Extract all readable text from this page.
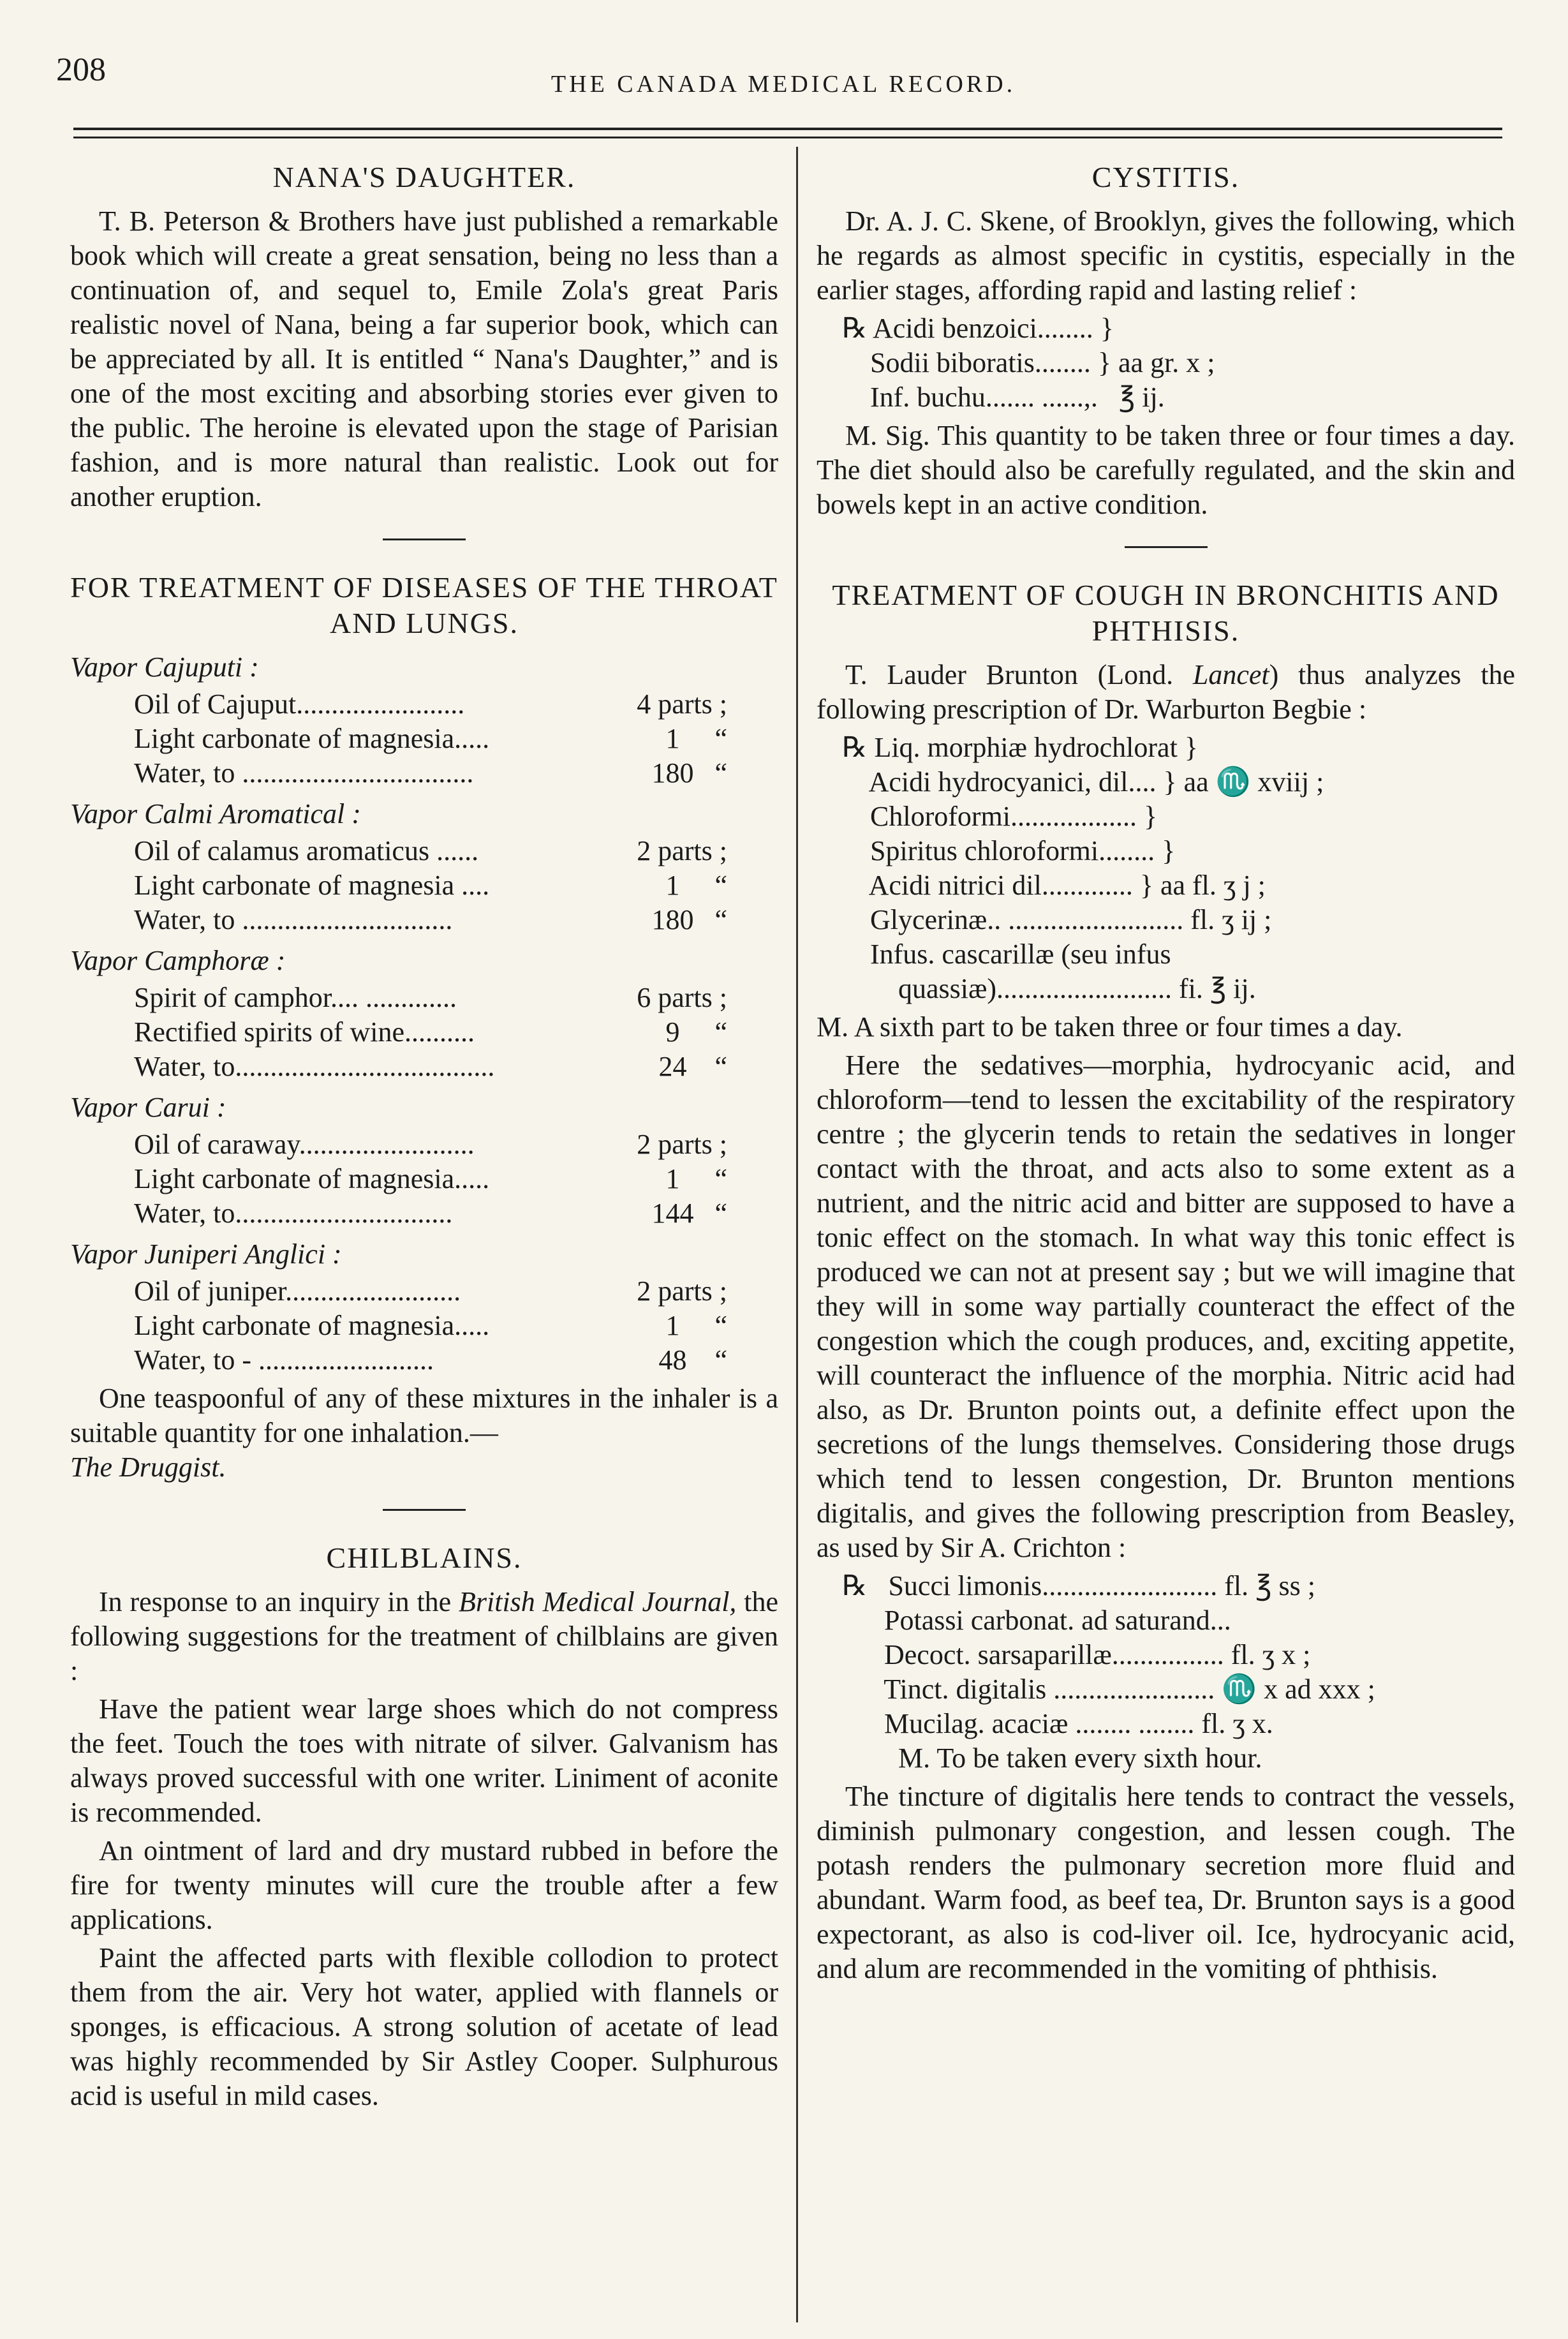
208	THE CANADA MEDICAL RECORD.
NANA'S DAUGHTER.

T. B. Peterson & Brothers have just published a remarkable book which will create a great sensation, being no less than a continuation of, and sequel to, Emile Zola's great Paris realistic novel of Nana, being a far superior book, which can be appreciated by all. It is entitled “ Nana's Daughter,” and is one of the most exciting and absorbing stories ever given to the public. The heroine is elevated upon the stage of Parisian fashion, and is more natural than realistic. Look out for another eruption.

FOR TREATMENT OF DISEASES OF THE THROAT AND LUNGS.
Vapor Cajuputi :
Oil of Cajuput........................	4 parts ;
Light carbonate of magnesia.....	1     “
Water, to .................................	180   “
Vapor Calmi Aromatical :
Oil of calamus aromaticus ......	2 parts ;
Light carbonate of magnesia ....	1     “
Water, to ..............................	180   “
Vapor Camphoræ :
Spirit of camphor.... .............	6 parts ;
Rectified spirits of wine..........	9     “
Water, to.....................................	24    “
Vapor Carui :
Oil of caraway.........................	2 parts ;
Light carbonate of magnesia.....	1     “
Water, to...............................	144   “
Vapor Juniperi Anglici :
Oil of juniper.........................	2 parts ;
Light carbonate of magnesia.....	1     “
Water, to - .........................	48    “

One teaspoonful of any of these mixtures in the inhaler is a suitable quantity for one inhalation.—
The Druggist.

CHILBLAINS.

In response to an inquiry in the British Medical Journal, the following suggestions for the treatment of chilblains are given :

Have the patient wear large shoes which do not compress the feet. Touch the toes with nitrate of silver. Galvanism has always proved successful with one writer. Liniment of aconite is recommended.

An ointment of lard and dry mustard rubbed in before the fire for twenty minutes will cure the trouble after a few applications.

Paint the affected parts with flexible collodion to protect them from the air. Very hot water, applied with flannels or sponges, is efficacious. A strong solution of acetate of lead was highly recommended by Sir Astley Cooper. Sulphurous acid is useful in mild cases.

CYSTITIS.

Dr. A. J. C. Skene, of Brooklyn, gives the following, which he regards as almost specific in cystitis, especially in the earlier stages, affording rapid and lasting relief :

℞ Acidi benzoici........ }
Sodii biboratis........ } aa gr. x ;
Inf. buchu....... ......,.   ℥ ij.

M. Sig. This quantity to be taken three or four times a day. The diet should also be carefully regulated, and the skin and bowels kept in an active condition.

TREATMENT OF COUGH IN BRONCHITIS AND PHTHISIS.

T. Lauder Brunton (Lond. Lancet) thus analyzes the following prescription of Dr. Warburton Begbie :

℞ Liq. morphiæ hydrochlorat }
Acidi hydrocyanici, dil.... } aa ♏ xviij ;
Chloroformi.................. }
Spiritus chloroformi........ }
Acidi nitrici dil............. } aa fl. ʒ j ;
Glycerinæ.. ......................... fl. ʒ ij ;
Infus. cascarillæ (seu infus
quassiæ)......................... fi. ℥ ij.

M. A sixth part to be taken three or four times a day.

Here the sedatives—morphia, hydrocyanic acid, and chloroform—tend to lessen the excitability of the respiratory centre ; the glycerin tends to retain the sedatives in longer contact with the throat, and acts also to some extent as a nutrient, and the nitric acid and bitter are supposed to have a tonic effect on the stomach. In what way this tonic effect is produced we can not at present say ; but we will imagine that they will in some way partially counteract the effect of the congestion which the cough produces, and, exciting appetite, will counteract the influence of the morphia. Nitric acid had also, as Dr. Brunton points out, a definite effect upon the secretions of the lungs themselves. Considering those drugs which tend to lessen congestion, Dr. Brunton mentions digitalis, and gives the following prescription from Beasley, as used by Sir A. Crichton :

℞   Succi limonis......................... fl. ℥ ss ;
Potassi carbonat. ad saturand...
Decoct. sarsaparillæ................ fl. ʒ x ;
Tinct. digitalis ....................... ♏ x ad xxx ;
Mucilag. acaciæ ........ ........ fl. ʒ x.
M. To be taken every sixth hour.

The tincture of digitalis here tends to contract the vessels, diminish pulmonary congestion, and lessen cough. The potash renders the pulmonary secretion more fluid and abundant. Warm food, as beef tea, Dr. Brunton says is a good expectorant, as also is cod-liver oil. Ice, hydrocyanic acid, and alum are recommended in the vomiting of phthisis.
